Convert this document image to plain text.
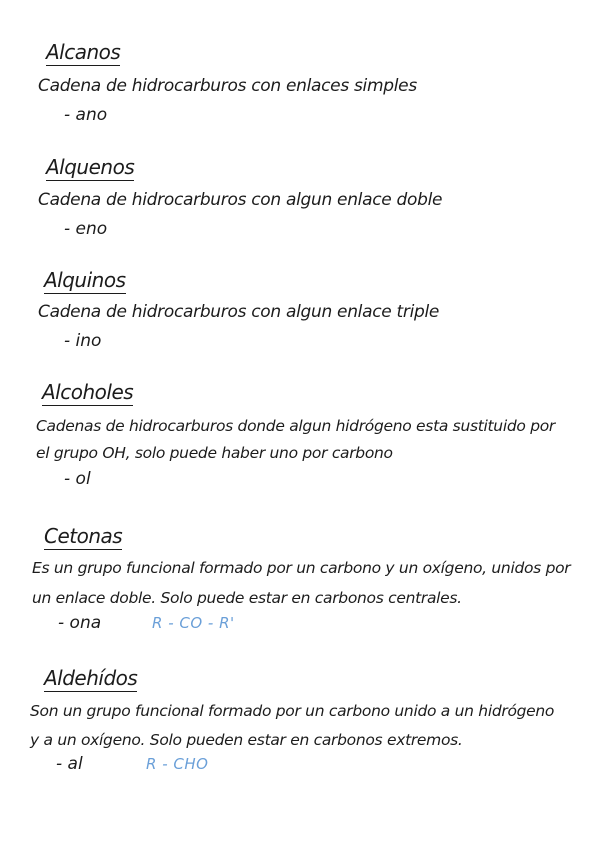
Alcanos
Cadena de hidrocarburos con enlaces simples
- ano
Alquenos
Cadena de hidrocarburos con algun enlace doble
- eno
Alquinos
Cadena de hidrocarburos con algun enlace triple
- ino
Alcoholes
Cadenas de hidrocarburos donde algun hidrógeno esta sustituido por
el grupo OH, solo puede haber uno por carbono
- ol
Cetonas
Es un grupo funcional formado por un carbono y un oxígeno, unidos por
un enlace doble. Solo puede estar en carbonos centrales.
- ona	R - CO - R'
Aldehídos
Son un grupo funcional formado por un carbono unido a un hidrógeno
y a un oxígeno. Solo pueden estar en carbonos extremos.
- al	R - CHO
